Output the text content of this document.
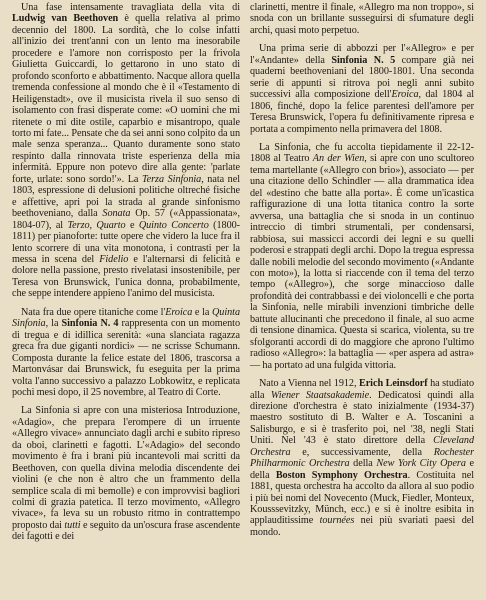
Una fase intensamente travagliata della vita di Ludwig van Beethoven è quella relativa al primo decennio del 1800. La sordità, che lo colse infatti all'inizio dei trent'anni con un lento ma inesorabile procedere e l'amore non corrisposto per la frivola Giulietta Guiccardi, lo gettarono in uno stato di profondo sconforto e abbattimento. Nacque allora quella tremenda confessione al mondo che è il «Testamento di Heiligenstadt», ove il musicista rivela il suo senso di isolamento con frasi disperate come: «O uomini che mi ritenete o mi dite ostile, caparbio e misantropo, quale torto mi fate... Pensate che da sei anni sono colpito da un male senza speranza... Quanto duramente sono stato respinto dalla rinnovata triste esperienza della mia infermità. Eppure non potevo dire alla gente: 'parlate forte, urlate: sono sordo!'». La Terza Sinfonia, nata nel 1803, espressione di delusioni politiche oltreché fisiche e affettive, apri poi la strada al grande sinfonismo beethoveniano, dalla Sonata Op. 57 («Appassionata», 1804-07), al Terzo, Quarto e Quinto Concerto (1800-1811) per pianoforte: tutte opere che videro la luce fra il lento scorrere di una vita monotona, i contrasti per la messa in scena del Fidelio e l'alternarsi di felicità e dolore nella passione, presto rivelatasi insostenibile, per Teresa von Brunswick, l'unica donna, probabilmente, che seppe intendere appieno l'animo del musicista.

Nata fra due opere titaniche come l'Eroica e la Quinta Sinfonia, la Sinfonia N. 4 rappresenta con un momento di tregua e di idillica serenità: «una slanciata ragazza greca fra due giganti nordici» — ne scrisse Schumann. Composta durante la felice estate del 1806, trascorsa a Martonvásar dai Brunswick, fu eseguita per la prima volta l'anno successivo a palazzo Lobkowitz, e replicata pochi mesi dopo, il 25 novembre, al Teatro di Corte.

La Sinfonia si apre con una misteriosa Introduzione, «Adagio», che prepara l'erompere di un irruente «Allegro vivace» annunciato dagli archi e subito ripreso da oboi, clarinetti e fagotti. L'«Adagio» del secondo movimento è fra i brani più incantevoli mai scritti da Beethoven, con quella divina melodia discendente dei violini (e che non è altro che un frammento della semplice scala di mi bemolle) e con improvvisi bagliori colmi di grazia patetica. Il terzo movimento, «Allegro vivace», fa leva su un robusto ritmo in contrattempo proposto dai tutti e seguito da un'oscura frase ascendente dei fagotti e dei

clarinetti, mentre il finale, «Allegro ma non troppo», si snoda con un brillante susseguirsi di sfumature degli archi, quasi moto perpetuo.

Una prima serie di abbozzi per l'«Allegro» e per l'«Andante» della Sinfonia N. 5 compare già nei quaderni beethoveniani del 1800-1801. Una seconda serie di appunti si ritrova poi negli anni subito successivi alla composizione dell'Eroica, dal 1804 al 1806, finché, dopo la felice parentesi dell'amore per Teresa Brunswick, l'opera fu definitivamente ripresa e portata a compimento nella primavera del 1808.

La Sinfonia, che fu accolta tiepidamente il 22-12-1808 al Teatro An der Wien, si apre con uno scultoreo tema martellante («Allegro con brio»), associato — per una citazione dello Schindler — alla drammatica idea del «destino che batte alla porta». È come un'icastica raffigurazione di una lotta titanica contro la sorte avversa, una battaglia che si snoda in un continuo intreccio di timbri strumentali, per condensarsi, rabbiosa, sui massicci accordi dei legni e su quelli poderosi e strappati degli archi. Dopo la tregua espressa dalle nobili melodie del secondo movimento («Andante con moto»), la lotta si riaccende con il tema del terzo tempo («Allegro»), che sorge minaccioso dalle profondità dei contrabbassi e dei violoncelli e che porta la Sinfonia, nelle mirabili invenzioni timbriche delle battute allucinanti che precedono il finale, al suo acme di tensione dinamica. Questa si scarica, violenta, su tre sfolgoranti accordi di do maggiore che aprono l'ultimo radioso «Allegro»: la battaglia — «per aspera ad astra» — ha portato ad una fulgida vittoria.

Nato a Vienna nel 1912, Erich Leinsdorf ha studiato alla Wiener Staatsakademie. Dedicatosi quindi alla direzione d'orchestra è stato inizialmente (1934-37) maestro sostituto di B. Walter e A. Toscanini a Salisburgo, e si è trasferito poi, nel '38, negli Stati Uniti. Nel '43 è stato direttore della Cleveland Orchestra e, successivamente, della Rochester Philharmonic Orchestra della New York City Opera e della Boston Symphony Orchestra. Costituita nel 1881, questa orchestra ha accolto da allora al suo podio i più bei nomi del Novecento (Muck, Fiedler, Monteux, Kousssevitzky, Münch, ecc.) e si è inoltre esibita in applauditissime tournées nei più svariati paesi del mondo.
